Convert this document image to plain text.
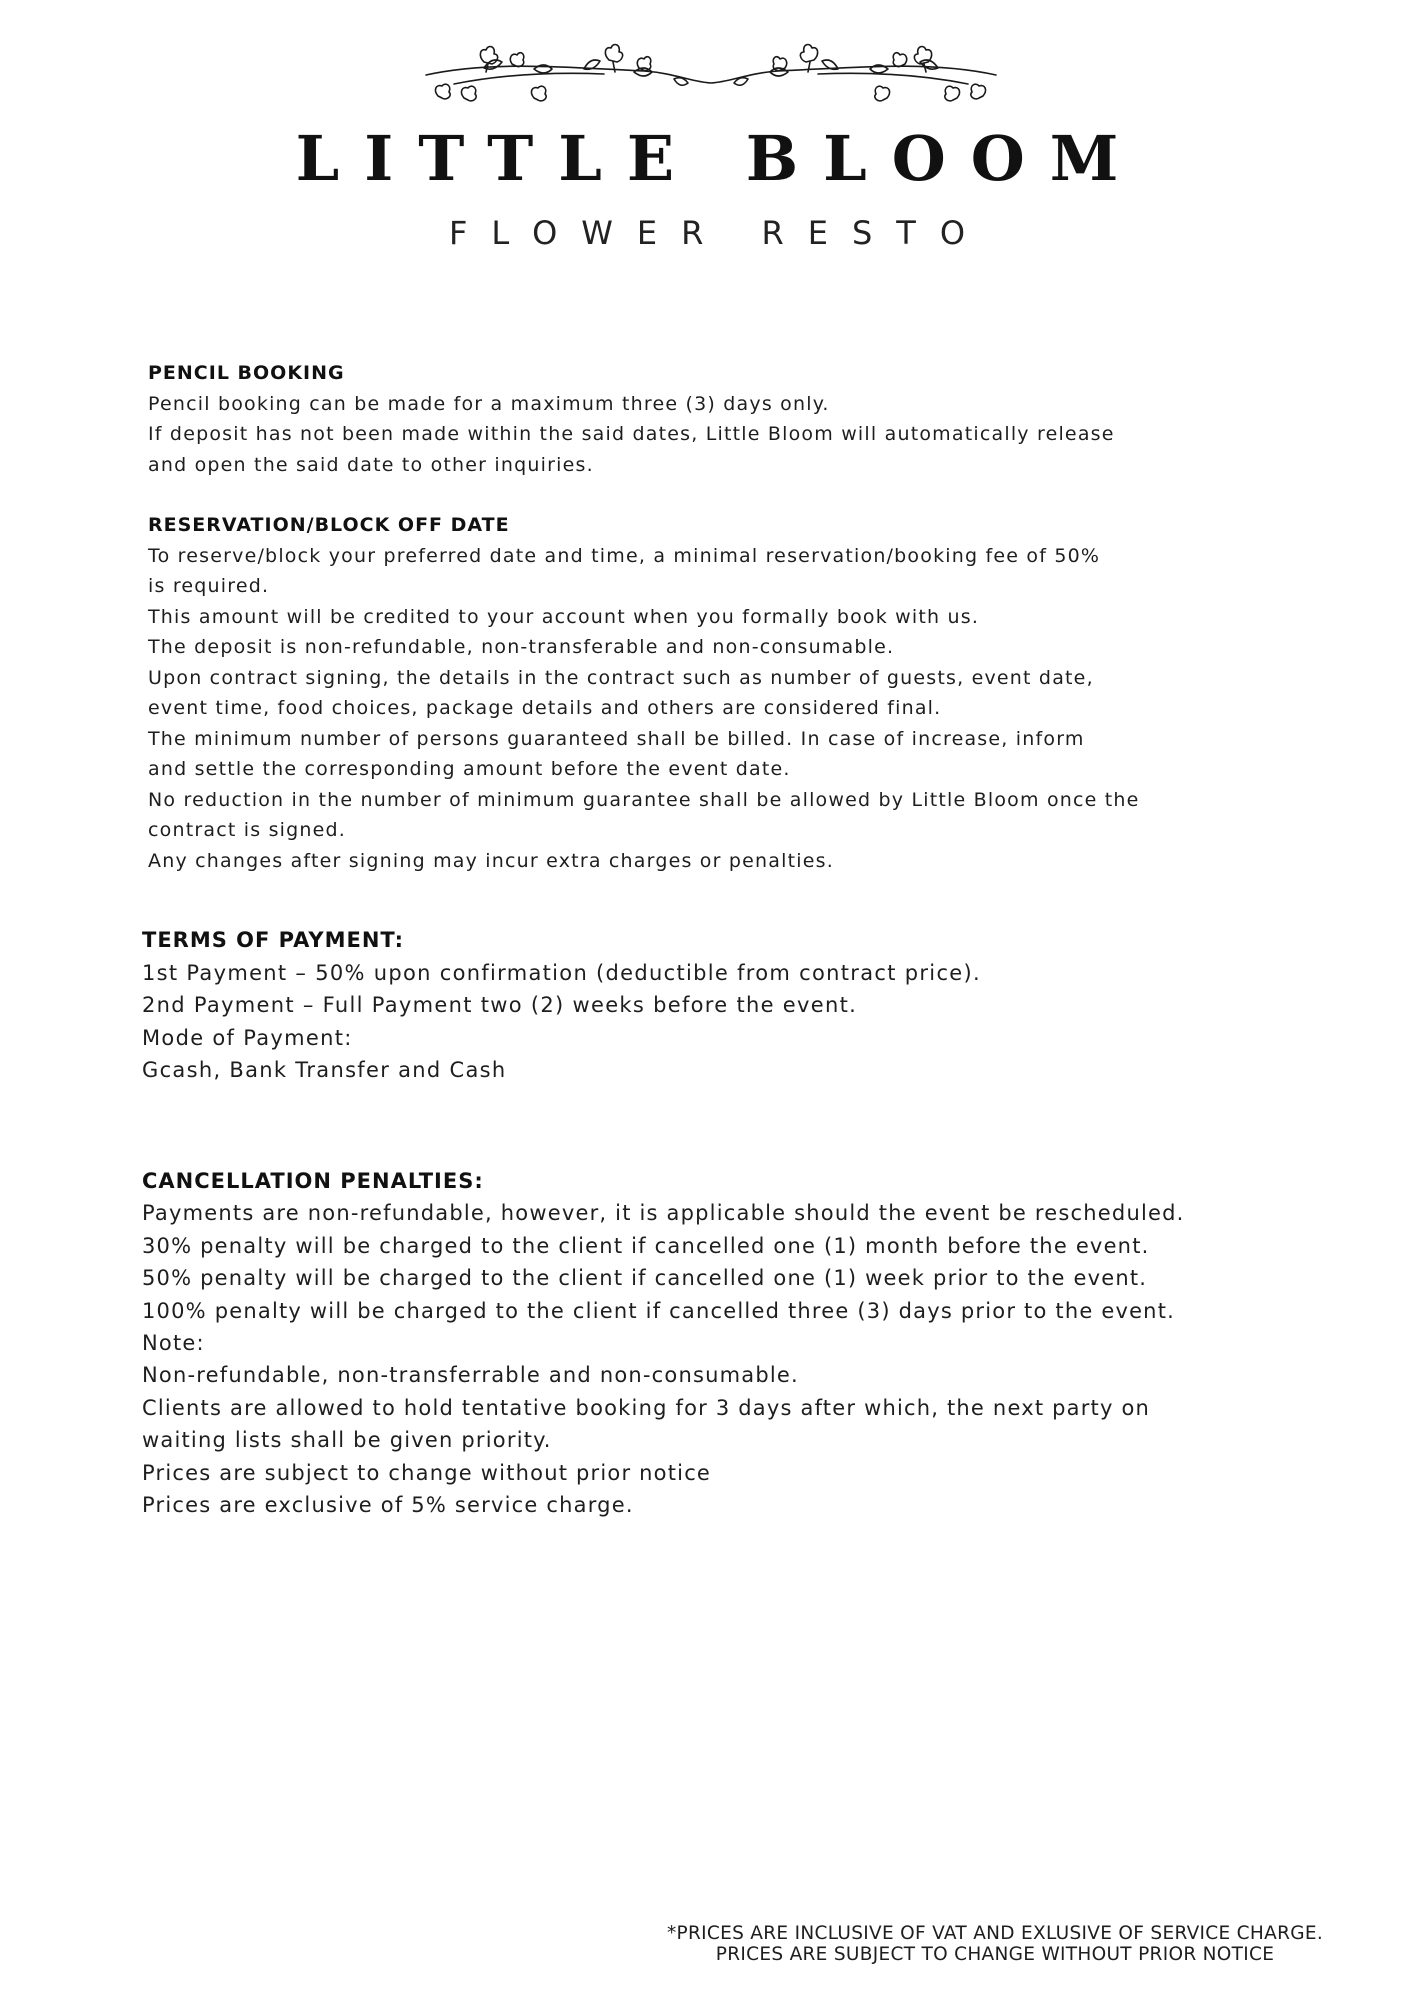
LITTLE BLOOM
FLOWER RESTO
PENCIL BOOKING
Pencil booking can be made for a maximum three (3) days only.
If deposit has not been made within the said dates, Little Bloom will automatically release
and open the said date to other inquiries.
RESERVATION/BLOCK OFF DATE
To reserve/block your preferred date and time, a minimal reservation/booking fee of 50%
is required.
This amount will be credited to your account when you formally book with us.
The deposit is non-refundable, non-transferable and non-consumable.
Upon contract signing, the details in the contract such as number of guests, event date,
event time, food choices, package details and others are considered final.
The minimum number of persons guaranteed shall be billed. In case of increase, inform
and settle the corresponding amount before the event date.
No reduction in the number of minimum guarantee shall be allowed by Little Bloom once the
contract is signed.
Any changes after signing may incur extra charges or penalties.
TERMS OF PAYMENT:
1st Payment – 50% upon confirmation (deductible from contract price).
2nd Payment – Full Payment two (2) weeks before the event.
Mode of Payment:
Gcash, Bank Transfer and Cash
CANCELLATION PENALTIES:
Payments are non-refundable, however, it is applicable should the event be rescheduled.
30% penalty will be charged to the client if cancelled one (1) month before the event.
50% penalty will be charged to the client if cancelled one (1) week prior to the event.
100% penalty will be charged to the client if cancelled three (3) days prior to the event.
Note:
Non-refundable, non-transferrable and non-consumable.
Clients are allowed to hold tentative booking for 3 days after which, the next party on
waiting lists shall be given priority.
Prices are subject to change without prior notice
Prices are exclusive of 5% service charge.
*PRICES ARE INCLUSIVE OF VAT AND EXLUSIVE OF SERVICE CHARGE.
PRICES ARE SUBJECT TO CHANGE WITHOUT PRIOR NOTICE
